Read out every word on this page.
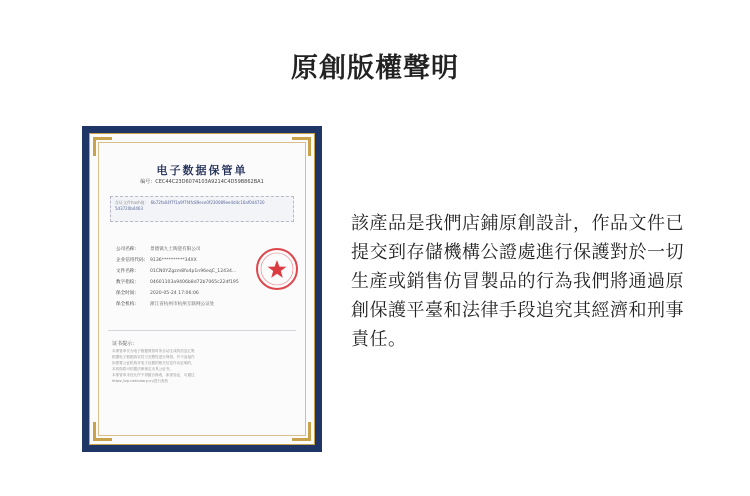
原創版權聲明
电子数据保管单
编号：CEC44C23D6074103A9214C4D59B862BA1
存证文件hash值： 6b72fa04f7f1a9f7f4fc89ece0f230089ee4d4c16af0d4720 5d3720b4463
公司名称:	景德镇九土陶瓷有限公司
企业信用代码: 9136**********34XX
文件名称:	01CN0YZgzm8fo4p1n96eqC_12434...
数字指纹:	04601103a9406b8d72b7065c22df195
保全时间:	2020-05-24 17:06:06
保全机构:	浙江省杭州市杭州互联网公证处
证书提示：
本保管单仅为电子数据保管时所自动生成的信息汇集
根据电子数据真实性与完整性进行保管，并不直接作
如需要公证机构对电子证据的相关信息作出证明的，
本机构将可依据法律规定出具公证书。
本保管单未经允许不得擅自修改，如需验证，可通过
https://zp.netnotary.cn/进行查验
該產品是我們店鋪原創設計，作品文件已提交到存儲機構公證處進行保護對於一切生產或銷售仿冒製品的行為我們將通過原創保護平臺和法律手段追究其經濟和刑事責任。
